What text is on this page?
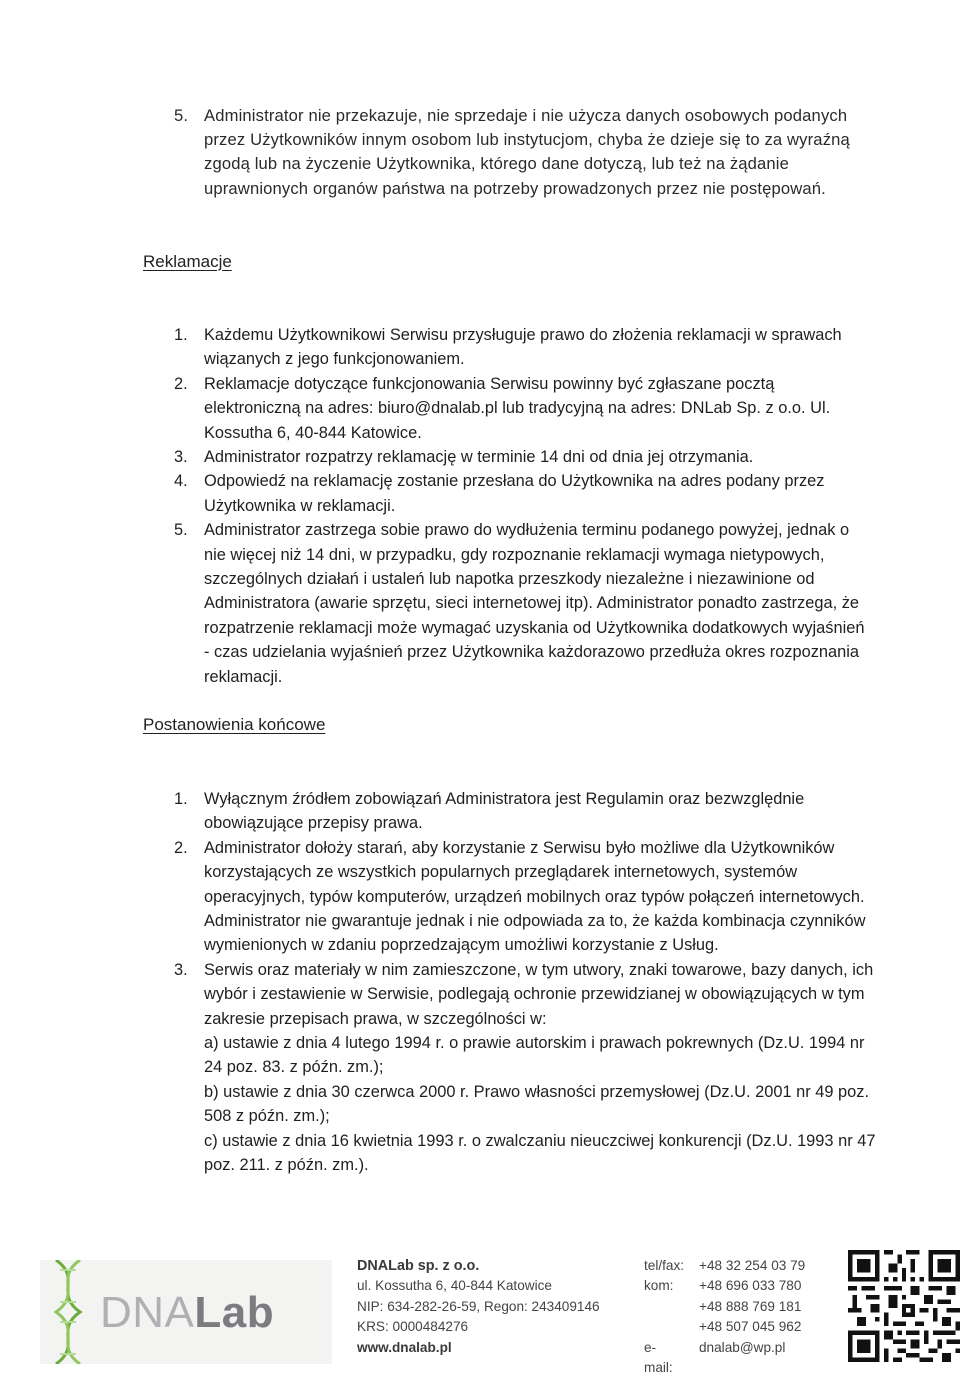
5. Administrator nie przekazuje, nie sprzedaje i nie użycza danych osobowych podanych przez Użytkowników innym osobom lub instytucjom, chyba że dzieje się to za wyraźną zgodą lub na życzenie Użytkownika, którego dane dotyczą, lub też na żądanie uprawnionych organów państwa na potrzeby prowadzonych przez nie postępowań.
Reklamacje
1. Każdemu Użytkownikowi Serwisu przysługuje prawo do złożenia reklamacji w sprawach wiązanych z jego funkcjonowaniem.
2. Reklamacje dotyczące funkcjonowania Serwisu powinny być zgłaszane pocztą elektroniczną na adres: biuro@dnalab.pl lub tradycyjną na adres: DNLab Sp. z o.o. Ul. Kossutha 6, 40-844 Katowice.
3. Administrator rozpatrzy reklamację w terminie 14 dni od dnia jej otrzymania.
4. Odpowiedź na reklamację zostanie przesłana do Użytkownika na adres podany przez Użytkownika w reklamacji.
5. Administrator zastrzega sobie prawo do wydłużenia terminu podanego powyżej, jednak o nie więcej niż 14 dni, w przypadku, gdy rozpoznanie reklamacji wymaga nietypowych, szczególnych działań i ustaleń lub napotka przeszkody niezależne i niezawinione od Administratora (awarie sprzętu, sieci internetowej itp). Administrator ponadto zastrzega, że rozpatrzenie reklamacji może wymagać uzyskania od Użytkownika dodatkowych wyjaśnień - czas udzielania wyjaśnień przez Użytkownika każdorazowo przedłuża okres rozpoznania reklamacji.
Postanowienia końcowe
1. Wyłącznym źródłem zobowiązań Administratora jest Regulamin oraz bezwzględnie obowiązujące przepisy prawa.
2. Administrator dołoży starań, aby korzystanie z Serwisu było możliwe dla Użytkowników korzystających ze wszystkich popularnych przeglądarek internetowych, systemów operacyjnych, typów komputerów, urządzeń mobilnych oraz typów połączeń internetowych. Administrator nie gwarantuje jednak i nie odpowiada za to, że każda kombinacja czynników wymienionych w zdaniu poprzedzającym umożliwi korzystanie z Usług.
3. Serwis oraz materiały w nim zamieszczone, w tym utwory, znaki towarowe, bazy danych, ich wybór i zestawienie w Serwisie, podlegają ochronie przewidzianej w obowiązujących w tym zakresie przepisach prawa, w szczególności w:
a) ustawie z dnia 4 lutego 1994 r. o prawie autorskim i prawach pokrewnych (Dz.U. 1994 nr 24 poz. 83. z późn. zm.);
b) ustawie z dnia 30 czerwca 2000 r. Prawo własności przemysłowej (Dz.U. 2001 nr 49 poz. 508 z późn. zm.);
c) ustawie z dnia 16 kwietnia 1993 r. o zwalczaniu nieuczciwej konkurencji (Dz.U. 1993 nr 47 poz. 211. z późn. zm.).
DNALab
DNALab sp. z o.o.
ul. Kossutha 6, 40-844 Katowice
NIP: 634-282-26-59, Regon: 243409146
KRS: 0000484276
www.dnalab.pl
tel/fax: +48 32 254 03 79
kom: +48 696 033 780
+48 888 769 181
+48 507 045 962
e-mail:
dnalab@wp.pl
